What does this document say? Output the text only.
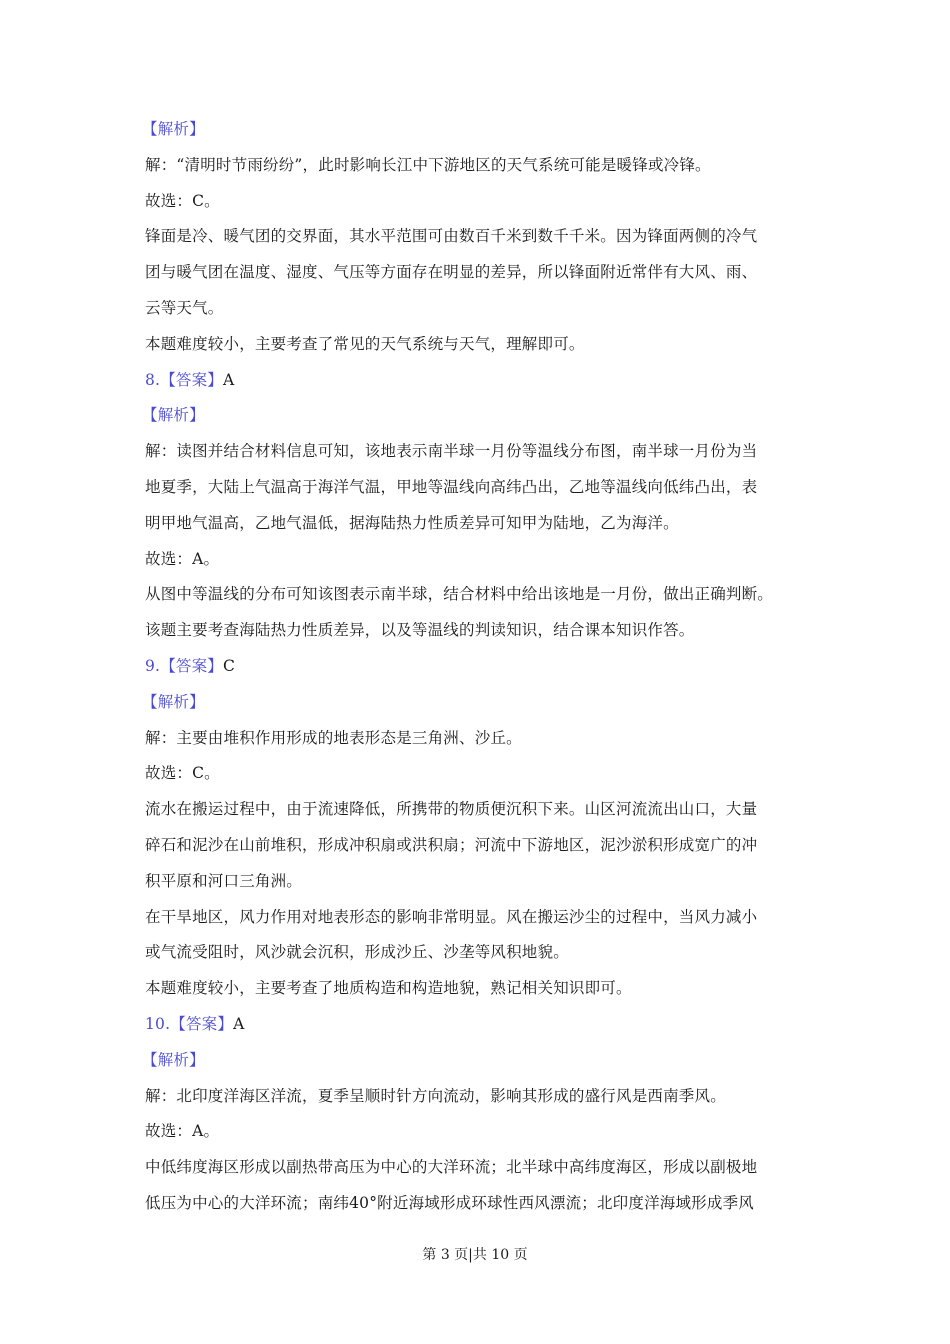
【解析】
解：“清明时节雨纷纷”，此时影响长江中下游地区的天气系统可能是暖锋或冷锋。
故选：C。
锋面是冷、暖气团的交界面，其水平范围可由数百千米到数千千米。因为锋面两侧的冷气
团与暖气团在温度、湿度、气压等方面存在明显的差异，所以锋面附近常伴有大风、雨、
云等天气。
本题难度较小，主要考查了常见的天气系统与天气，理解即可。
8.【答案】A
【解析】
解：读图并结合材料信息可知，该地表示南半球一月份等温线分布图，南半球一月份为当
地夏季，大陆上气温高于海洋气温，甲地等温线向高纬凸出，乙地等温线向低纬凸出，表
明甲地气温高，乙地气温低，据海陆热力性质差异可知甲为陆地，乙为海洋。
故选：A。
从图中等温线的分布可知该图表示南半球，结合材料中给出该地是一月份，做出正确判断。
该题主要考查海陆热力性质差异，以及等温线的判读知识，结合课本知识作答。
9.【答案】C
【解析】
解：主要由堆积作用形成的地表形态是三角洲、沙丘。
故选：C。
流水在搬运过程中，由于流速降低，所携带的物质便沉积下来。山区河流流出山口，大量
碎石和泥沙在山前堆积，形成冲积扇或洪积扇；河流中下游地区，泥沙淤积形成宽广的冲
积平原和河口三角洲。
在干旱地区，风力作用对地表形态的影响非常明显。风在搬运沙尘的过程中，当风力减小
或气流受阻时，风沙就会沉积，形成沙丘、沙垄等风积地貌。
本题难度较小，主要考查了地质构造和构造地貌，熟记相关知识即可。
10.【答案】A
【解析】
解：北印度洋海区洋流，夏季呈顺时针方向流动，影响其形成的盛行风是西南季风。
故选：A。
中低纬度海区形成以副热带高压为中心的大洋环流；北半球中高纬度海区，形成以副极地
低压为中心的大洋环流；南纬40°附近海域形成环球性西风漂流；北印度洋海域形成季风
第 3 页|共 10 页
